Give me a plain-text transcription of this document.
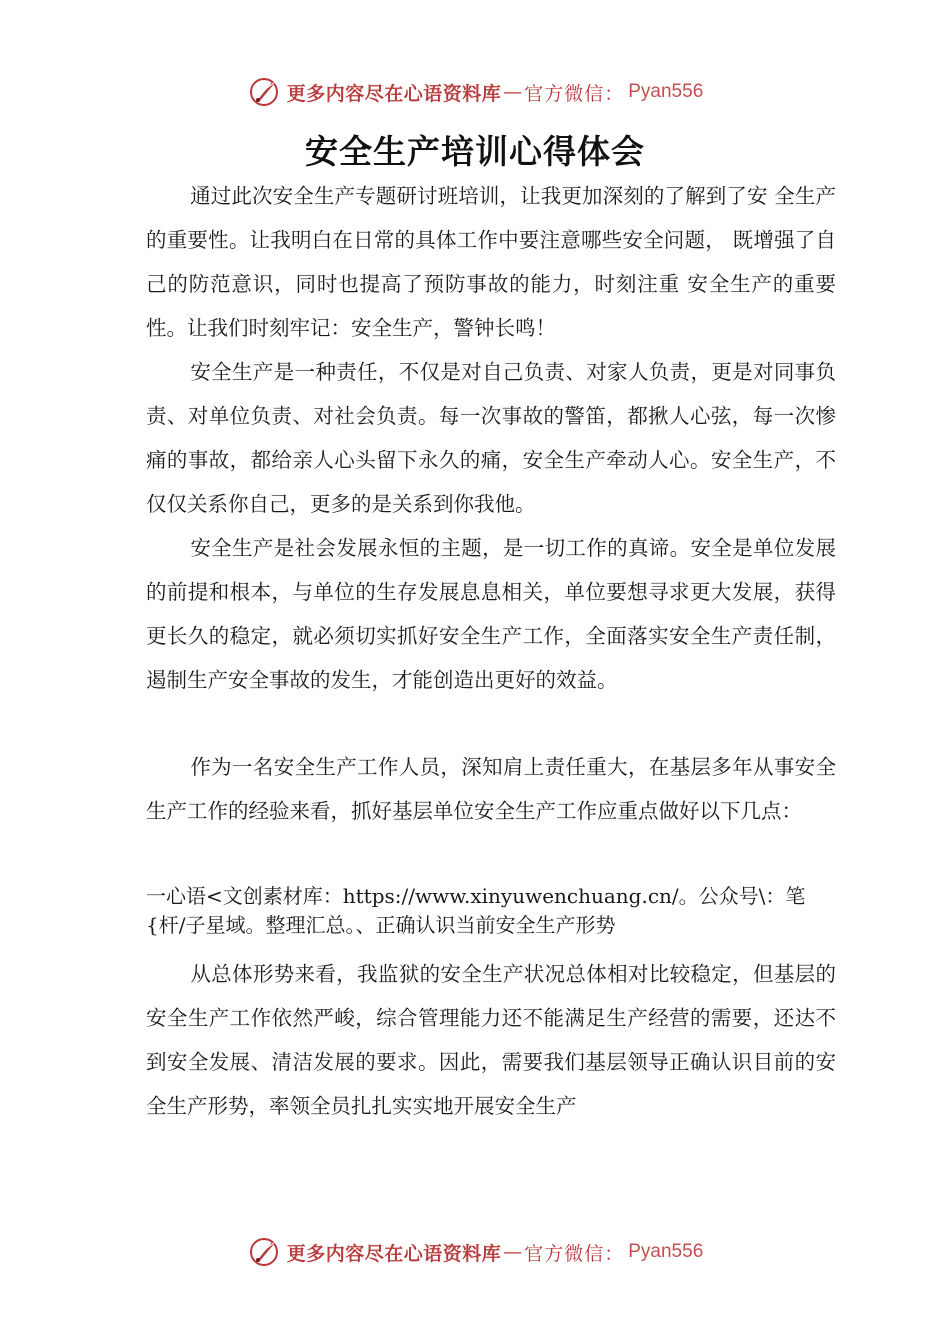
更多内容尽在心语资料库 — 官方微信： Pyan556
安全生产培训心得体会
通过此次安全生产专题研讨班培训，让我更加深刻的了解到了安 全生产的重要性。让我明白在日常的具体工作中要注意哪些安全问题， 既增强了自己的防范意识，同时也提高了预防事故的能力，时刻注重 安全生产的重要性。让我们时刻牢记：安全生产，警钟长鸣！
安全生产是一种责任，不仅是对自己负责、对家人负责，更是对同事负责、对单位负责、对社会负责。每一次事故的警笛，都揪人心弦，每一次惨痛的事故，都给亲人心头留下永久的痛，安全生产牵动人心。安全生产，不仅仅关系你自己，更多的是关系到你我他。
安全生产是社会发展永恒的主题，是一切工作的真谛。安全是单位发展的前提和根本，与单位的生存发展息息相关，单位要想寻求更大发展，获得更长久的稳定，就必须切实抓好安全生产工作，全面落实安全生产责任制，遏制生产安全事故的发生，才能创造出更好的效益。
作为一名安全生产工作人员，深知肩上责任重大，在基层多年从事安全生产工作的经验来看，抓好基层单位安全生产工作应重点做好以下几点：
一心语<文创素材库：https://www.xinyuwenchuang.cn/。公众号\：笔{杆/子星域。整理汇总。、正确认识当前安全生产形势
从总体形势来看，我监狱的安全生产状况总体相对比较稳定，但基层的安全生产工作依然严峻，综合管理能力还不能满足生产经营的需要，还达不到安全发展、清洁发展的要求。因此，需要我们基层领导正确认识目前的安全生产形势，率领全员扎扎实实地开展安全生产
更多内容尽在心语资料库 — 官方微信： Pyan556
